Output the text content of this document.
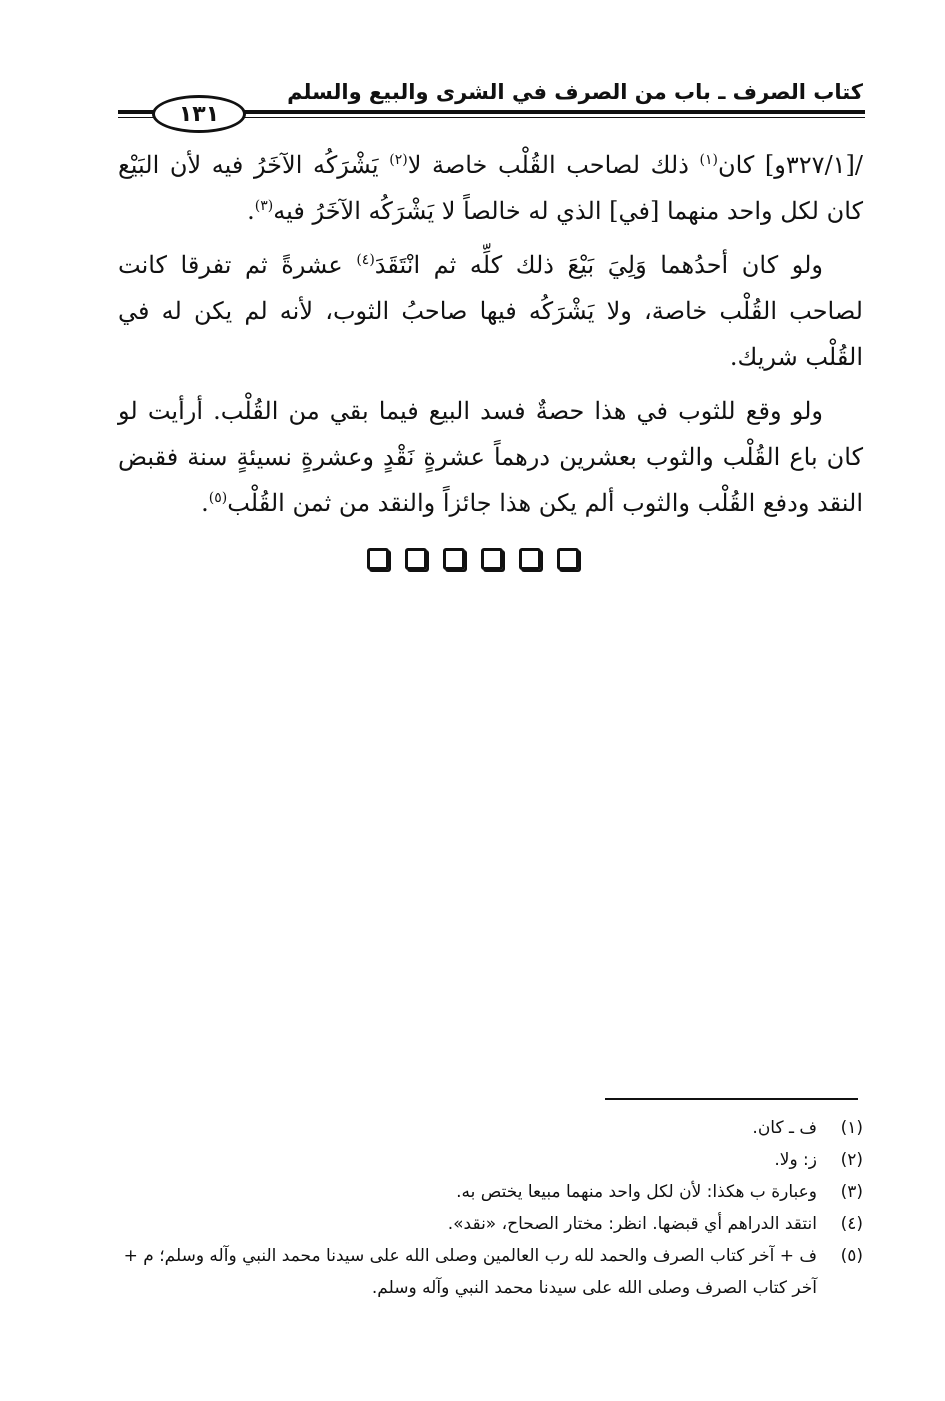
كتاب الصرف ـ باب من الصرف في الشرى والبيع والسلم
١٣١

/[٣٢٧/١و] كان$^{(١)}$ ذلك لصاحب القُلْب خاصة لا$^{(٢)}$ يَشْرَكُه الآخَرُ فيه لأن البَيْع كان لكل واحد منهما [في] الذي له خالصاً لا يَشْرَكُه الآخَرُ فيه$^{(٣)}$.

ولو كان أحدُهما وَلِيَ بَيْعَ ذلك كلِّه ثم انْتَقَدَ$^{(٤)}$ عشرةً ثم تفرقا كانت لصاحب القُلْب خاصة، ولا يَشْرَكُه فيها صاحبُ الثوب، لأنه لم يكن له في القُلْب شريك.

ولو وقع للثوب في هذا حصةٌ فسد البيع فيما بقي من القُلْب. أرأيت لو كان باع القُلْب والثوب بعشرين درهماً عشرةٍ نَقْدٍ وعشرةٍ نسيئةٍ سنة فقبض النقد ودفع القُلْب والثوب ألم يكن هذا جائزاً والنقد من ثمن القُلْب$^{(٥)}$.

(١)
ف ـ كان.
(٢)
ز: ولا.
(٣)
وعبارة ب هكذا: لأن لكل واحد منهما مبيعا يختص به.
(٤)
انتقد الدراهم أي قبضها. انظر: مختار الصحاح، «نقد».
(٥)
ف + آخر كتاب الصرف والحمد لله رب العالمين وصلى الله على سيدنا محمد النبي وآله وسلم؛ م + آخر كتاب الصرف وصلى الله على سيدنا محمد النبي وآله وسلم.
